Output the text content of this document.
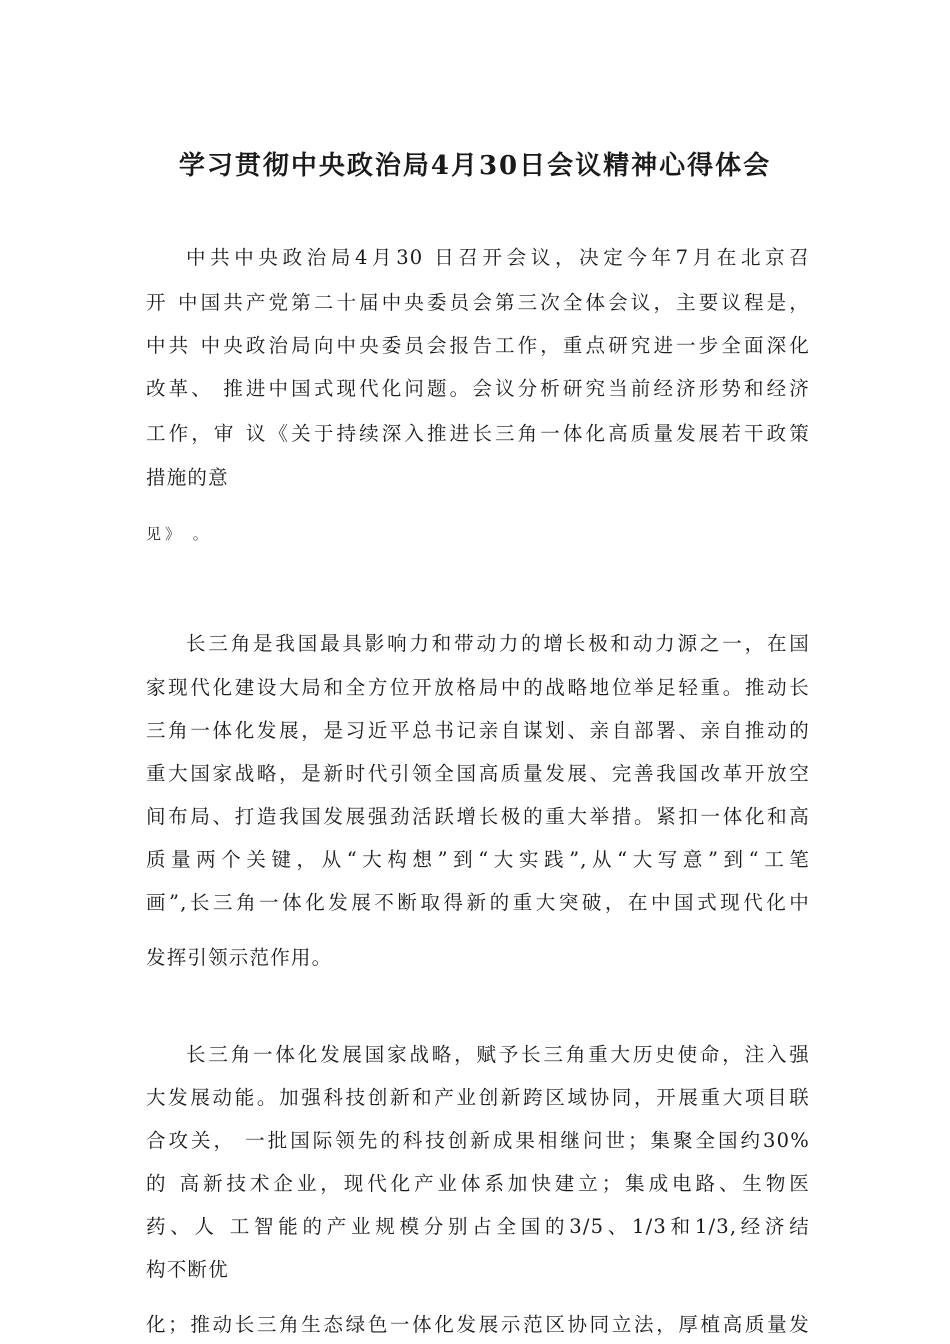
学习贯彻中央政治局4月30日会议精神心得体会

中共中央政治局4月30 日召开会议，决定今年7月在北京召

开 中国共产党第二十届中央委员会第三次全体会议，主要议程是，

中共 中央政治局向中央委员会报告工作，重点研究进一步全面深化

改革、 推进中国式现代化问题。会议分析研究当前经济形势和经济

工作，审 议《关于持续深入推进长三角一体化高质量发展若干政策

措施的意

见》 。

长三角是我国最具影响力和带动力的增长极和动力源之一，在国

家现代化建设大局和全方位开放格局中的战略地位举足轻重。推动长

三角一体化发展，是习近平总书记亲自谋划、亲自部署、亲自推动的

重大国家战略，是新时代引领全国高质量发展、完善我国改革开放空

间布局、打造我国发展强劲活跃增长极的重大举措。紧扣一体化和高

质量两个关键，从“大构想”到“大实践”,从“大写意”到“工笔

画”,长三角一体化发展不断取得新的重大突破，在中国式现代化中

发挥引领示范作用。

长三角一体化发展国家战略，赋予长三角重大历史使命，注入强

大发展动能。加强科技创新和产业创新跨区域协同，开展重大项目联

合攻关， 一批国际领先的科技创新成果相继问世；集聚全国约30%

的 高新技术企业，现代化产业体系加快建立；集成电路、生物医

药、人 工智能的产业规模分别占全国的3/5、1/3和1/3,经济结

构不断优

化；推动长三角生态绿色一体化发展示范区协同立法，厚植高质量发
